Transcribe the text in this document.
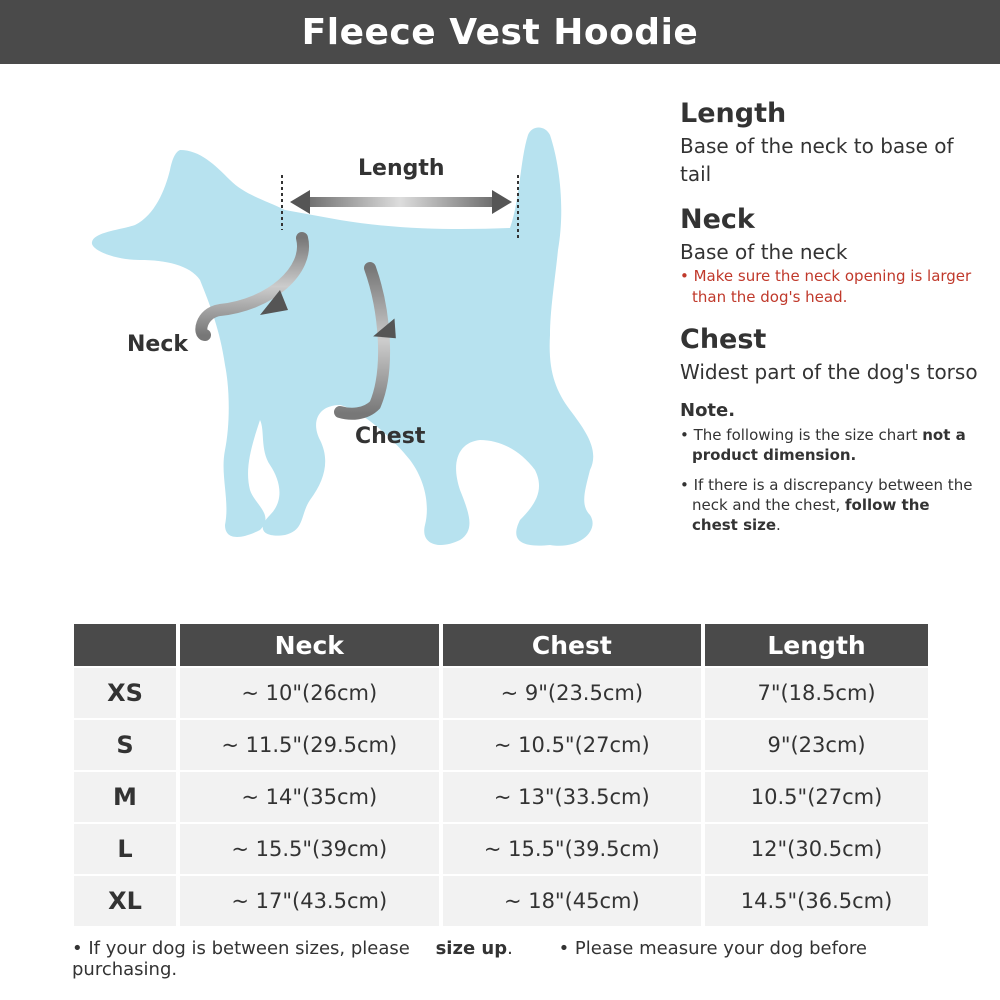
Fleece Vest Hoodie
Length
Neck
Chest
Length

Base of the neck to base of tail

Neck

Base of the neck

• Make sure the neck opening is larger than the dog's head.

Chest

Widest part of the dog's torso

Note.

• The following is the size chart not a product dimension.

• If there is a discrepancy between the neck and the chest, follow the chest size.

	Neck	Chest	Length
XS	~ 10"(26cm)	~ 9"(23.5cm)	7"(18.5cm)
S	~ 11.5"(29.5cm)	~ 10.5"(27cm)	9"(23cm)
M	~ 14"(35cm)	~ 13"(33.5cm)	10.5"(27cm)
L	~ 15.5"(39cm)	~ 15.5"(39.5cm)	12"(30.5cm)
XL	~ 17"(43.5cm)	~ 18"(45cm)	14.5"(36.5cm)
• If your dog is between sizes, please size up.	• Please measure your dog before purchasing.
